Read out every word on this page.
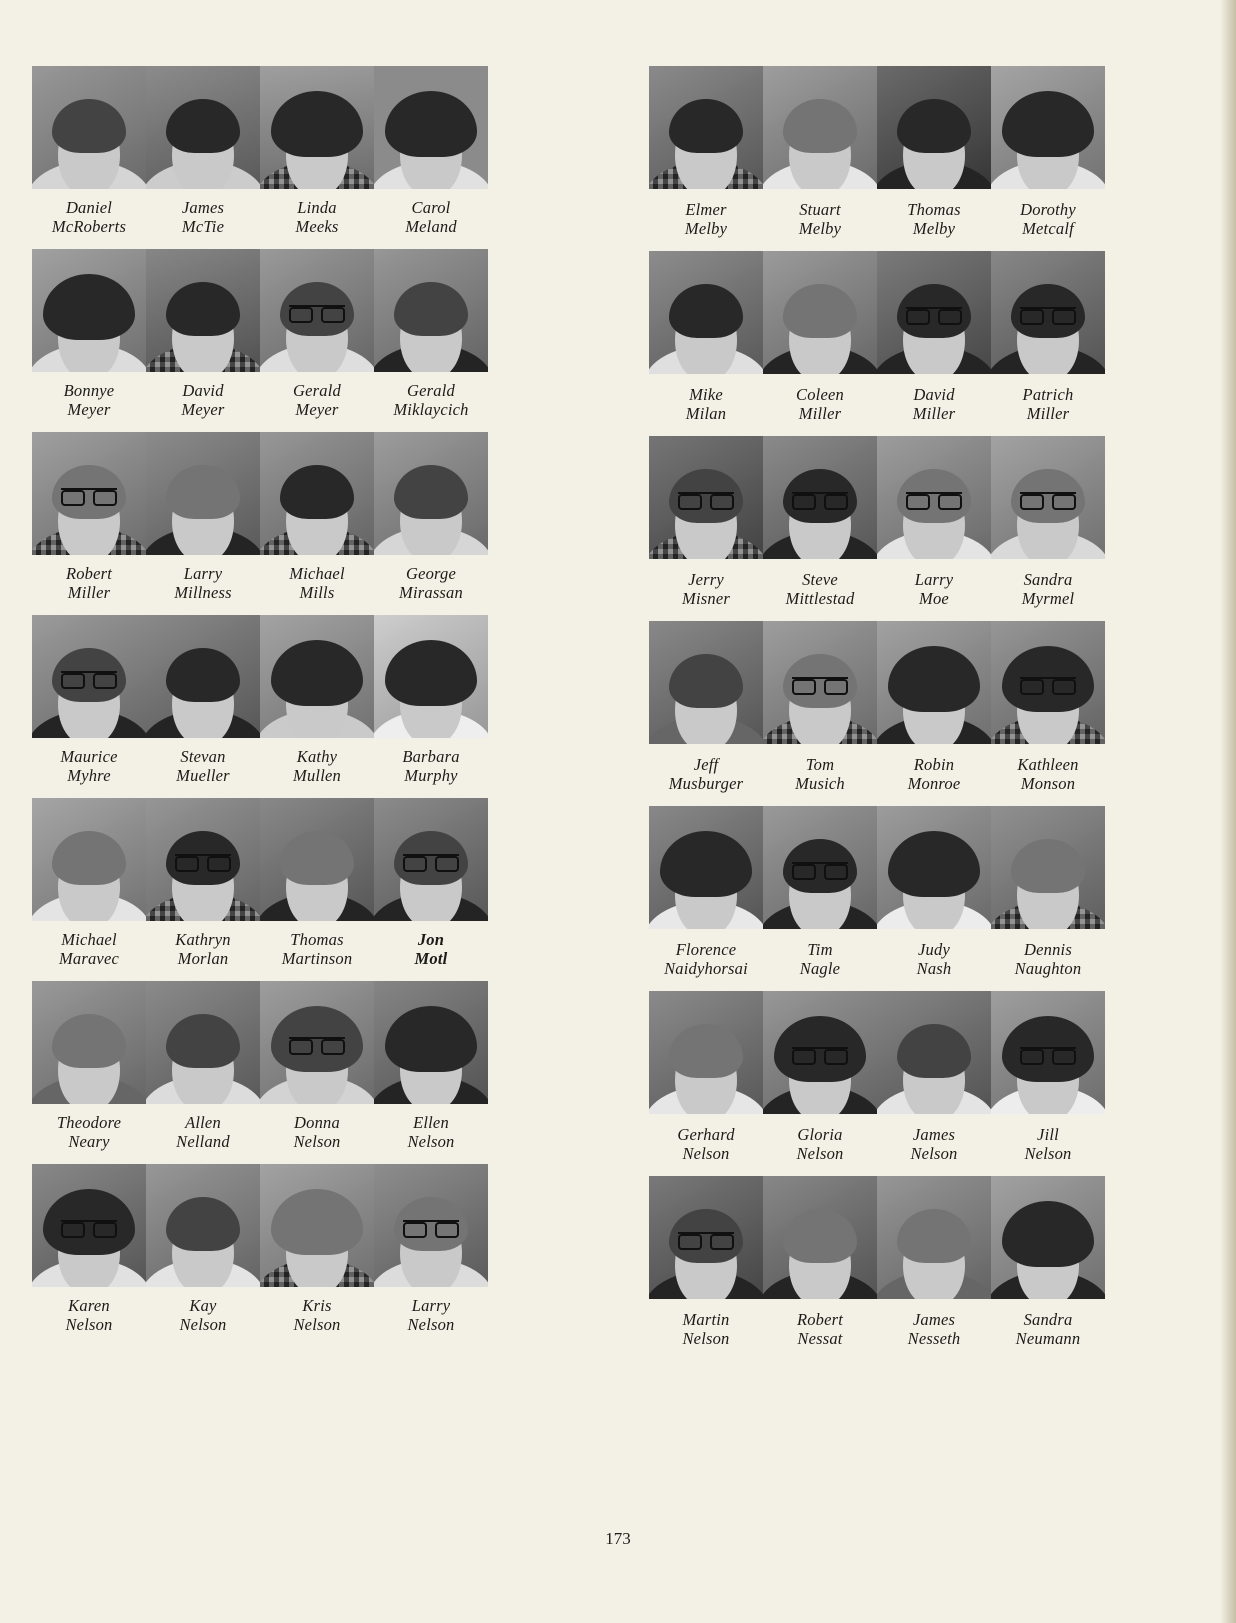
Daniel
McRoberts
James
McTie
Linda
Meeks
Carol
Meland
Bonnye
Meyer
David
Meyer
Gerald
Meyer
Gerald
Miklaycich
Robert
Miller
Larry
Millness
Michael
Mills
George
Mirassan
Maurice
Myhre
Stevan
Mueller
Kathy
Mullen
Barbara
Murphy
Michael
Maravec
Kathryn
Morlan
Thomas
Martinson
Jon
Motl
Theodore
Neary
Allen
Nelland
Donna
Nelson
Ellen
Nelson
Karen
Nelson
Kay
Nelson
Kris
Nelson
Larry
Nelson
Elmer
Melby
Stuart
Melby
Thomas
Melby
Dorothy
Metcalf
Mike
Milan
Coleen
Miller
David
Miller
Patrich
Miller
Jerry
Misner
Steve
Mittlestad
Larry
Moe
Sandra
Myrmel
Jeff
Musburger
Tom
Musich
Robin
Monroe
Kathleen
Monson
Florence
Naidyhorsai
Tim
Nagle
Judy
Nash
Dennis
Naughton
Gerhard
Nelson
Gloria
Nelson
James
Nelson
Jill
Nelson
Martin
Nelson
Robert
Nessat
James
Nesseth
Sandra
Neumann
173
